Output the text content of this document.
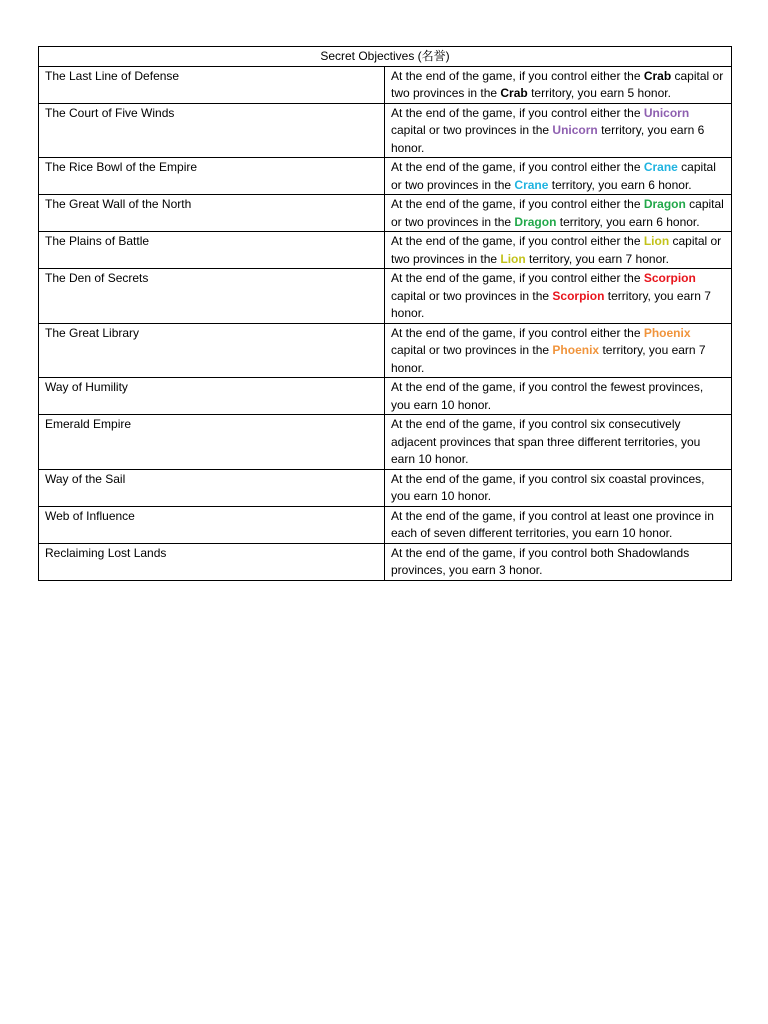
Secret Objectives (名誉)	
The Last Line of Defense	At the end of the game, if you control either the Crab capital or two provinces in the Crab territory, you earn 5 honor.
The Court of Five Winds	At the end of the game, if you control either the Unicorn capital or two provinces in the Unicorn territory, you earn 6 honor.
The Rice Bowl of the Empire	At the end of the game, if you control either the Crane capital or two provinces in the Crane territory, you earn 6 honor.
The Great Wall of the North	At the end of the game, if you control either the Dragon capital or two provinces in the Dragon territory, you earn 6 honor.
The Plains of Battle	At the end of the game, if you control either the Lion capital or two provinces in the Lion territory, you earn 7 honor.
The Den of Secrets	At the end of the game, if you control either the Scorpion capital or two provinces in the Scorpion territory, you earn 7 honor.
The Great Library	At the end of the game, if you control either the Phoenix capital or two provinces in the Phoenix territory, you earn 7 honor.
Way of Humility	At the end of the game, if you control the fewest provinces, you earn 10 honor.
Emerald Empire	At the end of the game, if you control six consecutively adjacent provinces that span three different territories, you earn 10 honor.
Way of the Sail	At the end of the game, if you control six coastal provinces, you earn 10 honor.
Web of Influence	At the end of the game, if you control at least one province in each of seven different territories, you earn 10 honor.
Reclaiming Lost Lands	At the end of the game, if you control both Shadowlands provinces, you earn 3 honor.
